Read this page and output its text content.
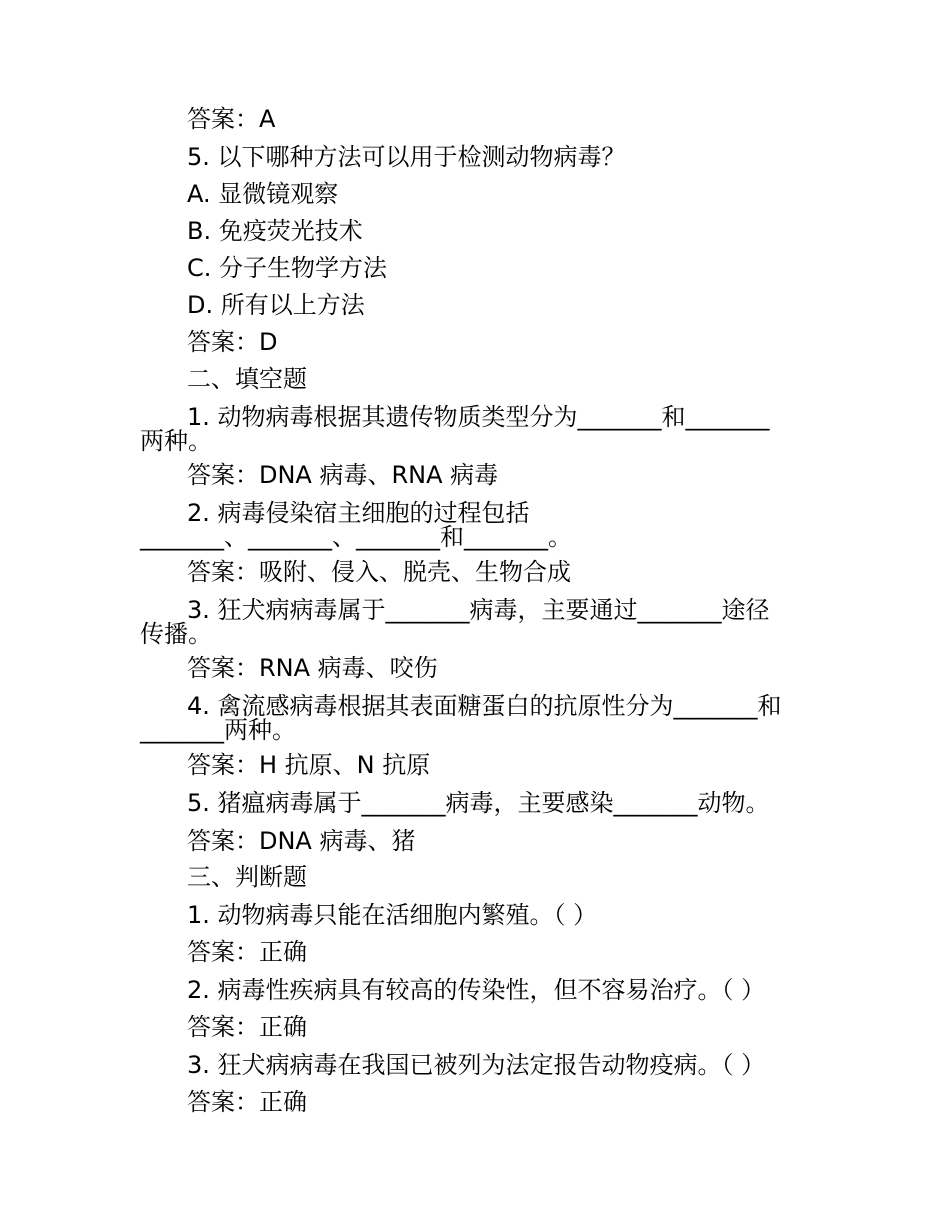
答案：A
5. 以下哪种方法可以用于检测动物病毒？
A. 显微镜观察
B. 免疫荧光技术
C. 分子生物学方法
D. 所有以上方法
答案：D
二、填空题
1. 动物病毒根据其遗传物质类型分为_______和_______
两种。
答案：DNA 病毒、RNA 病毒
2. 病毒侵染宿主细胞的过程包括
_______、_______、_______和_______。
答案：吸附、侵入、脱壳、生物合成
3. 狂犬病病毒属于_______病毒，主要通过_______途径
传播。
答案：RNA 病毒、咬伤
4. 禽流感病毒根据其表面糖蛋白的抗原性分为_______和
_______两种。
答案：H 抗原、N 抗原
5. 猪瘟病毒属于_______病毒，主要感染_______动物。
答案：DNA 病毒、猪
三、判断题
1. 动物病毒只能在活细胞内繁殖。（ ）
答案：正确
2. 病毒性疾病具有较高的传染性，但不容易治疗。（ ）
答案：正确
3. 狂犬病病毒在我国已被列为法定报告动物疫病。（ ）
答案：正确
